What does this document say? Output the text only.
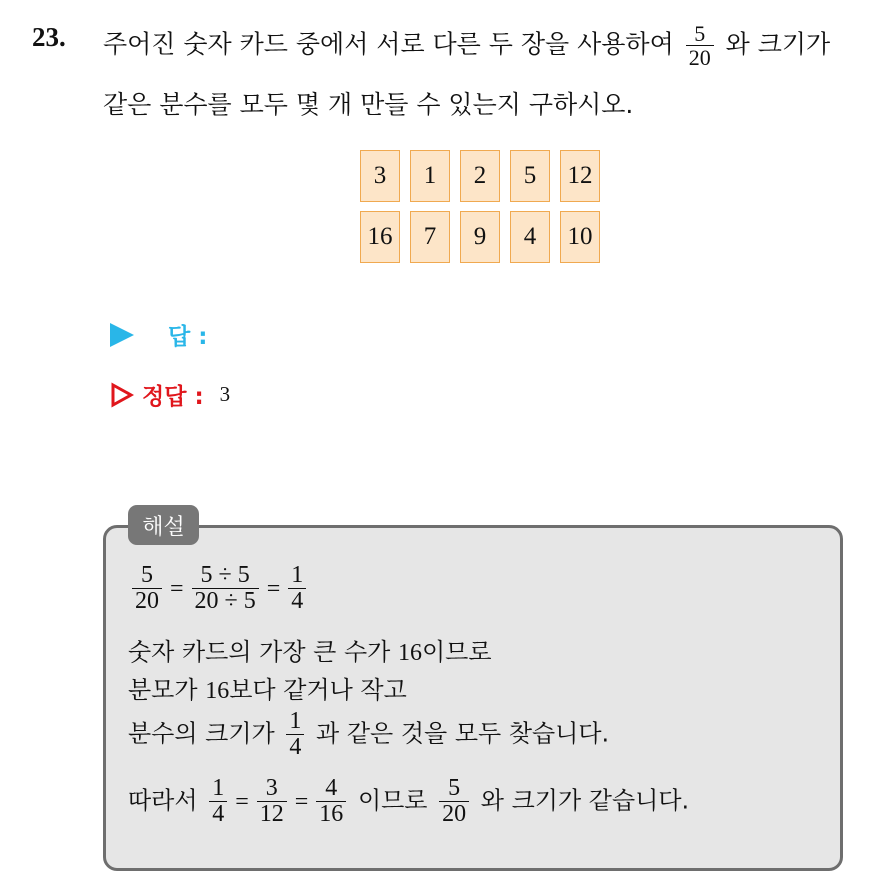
23. 주어진 숫자 카드 중에서 서로 다른 두 장을 사용하여 $\frac{5}{20}$ 와 크기가
같은 분수를 모두 몇 개 만들 수 있는지 구하시오.
3	1	2	5	12
16	7	9	4	10
답 :
정답 : 3
해설
$\frac{5}{20} = \frac{5 \div 5}{20 \div 5} = \frac{1}{4}$
숫자 카드의 가장 큰 수가 16이므로
분모가 16보다 같거나 작고
분수의 크기가 $\frac{1}{4}$ 과 같은 것을 모두 찾습니다.
따라서 $\frac{1}{4} = \frac{3}{12} = \frac{4}{16}$ 이므로 $\frac{5}{20}$ 와 크기가 같습니다.
